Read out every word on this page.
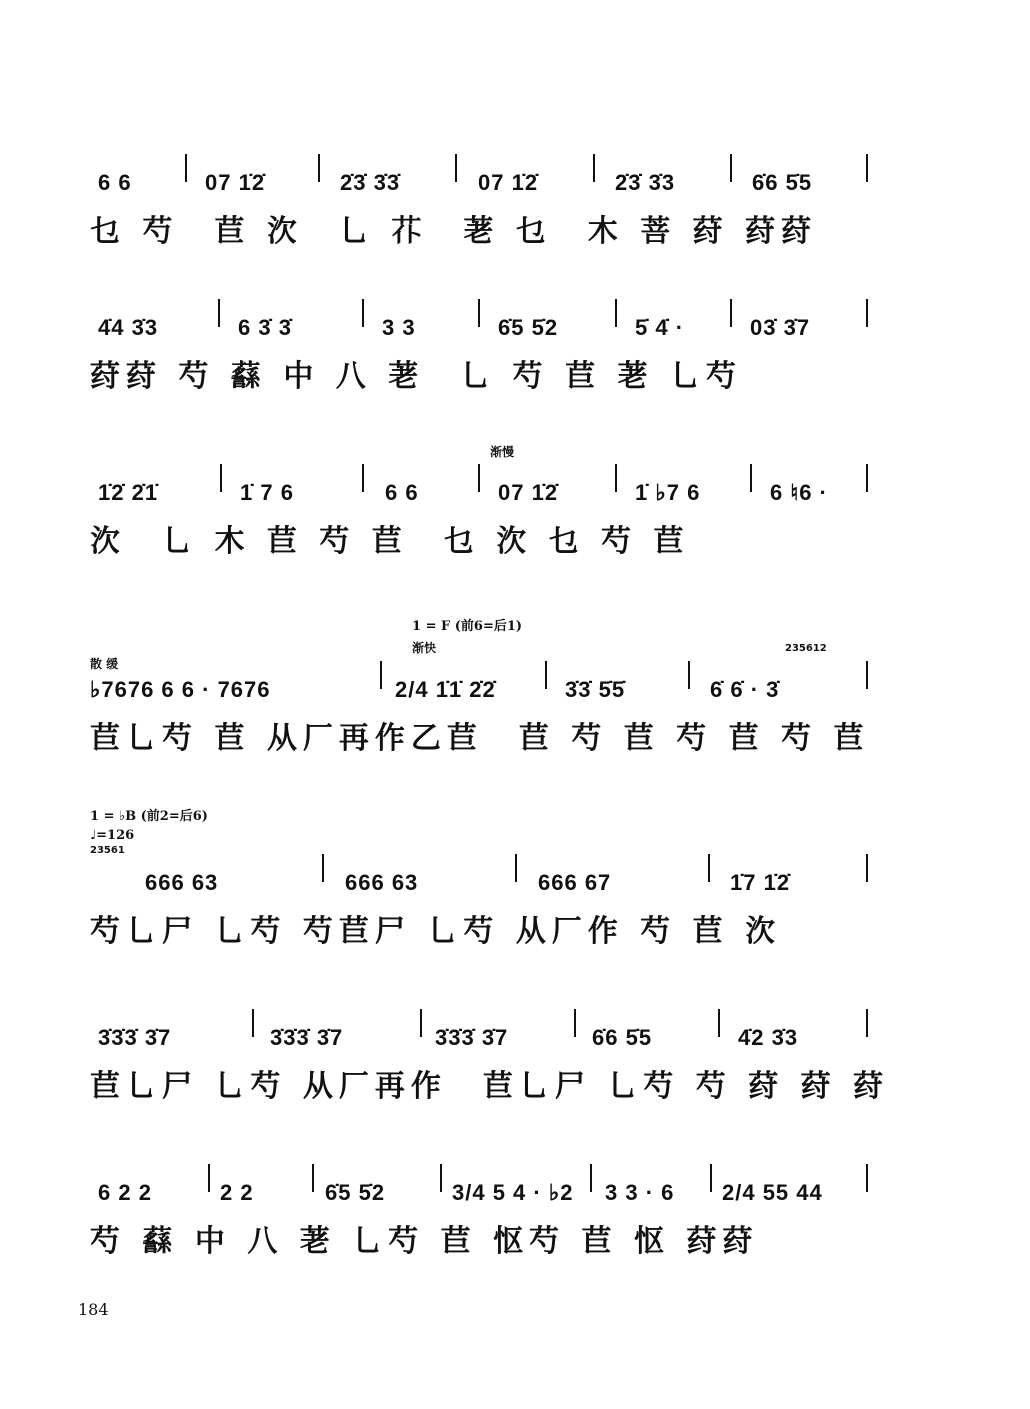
6 6	07 1̇2̇	2̇3̇ 3̇3̇	07 1̇2̇	2̇3̇ 3̇3	6̇6 5̇5
乜 芍　苣 㳄　乚 𦬙　荖 乜　木 菩 荮 荮荮
4̇4 3̇3	6 3̇ 3̇	3 3	6̇5 5̇2	5̇ 4̇ ·	03̇ 3̇7
荮荮 芍 𧄎 中 八 荖　乚 芍 苣 荖 乚芍
渐慢
1̇2̇ 2̇1̇	1̇ 7 6	6 6	07 1̇2̇	1̇ ♭7 6	6 ♮6 ·
㳄　乚 木 苣 芍 苣　乜 㳄 乜 芍 苣
1 = F (前6=后1)
渐快
散 缓
235612
♭7676 6 6 · 7676	2/4 1̇1̇ 2̇2̇	3̇3̇ 5̇5̇	6̇ 6̇ · 3̇
苣乚芍 苣 从厂再作乙苣　苣 芍 苣 芍 苣 芍 苣
1 = ♭B (前2=后6)
♩=126
23561
666 63	666 63	666 67	1̇7 1̇2̇
芍乚尸 乚芍 芍苣尸 乚芍 从厂作 芍 苣 㳄
3̇3̇3̇ 3̇7	3̇3̇3̇ 3̇7	3̇3̇3̇ 3̇7	6̇6 5̇5	4̇2 3̇3
苣乚尸 乚芍 从厂再作　苣乚尸 乚芍 芍 荮 荮 荮
6 2 2	2 2	6̇5 5̇2	3/4 5 4 · ♭2 3 3 · 6 2/4 55 44
芍 𧄎 中 八 荖 乚芍 苣 怄芍 苣 怄 荮荮
184
